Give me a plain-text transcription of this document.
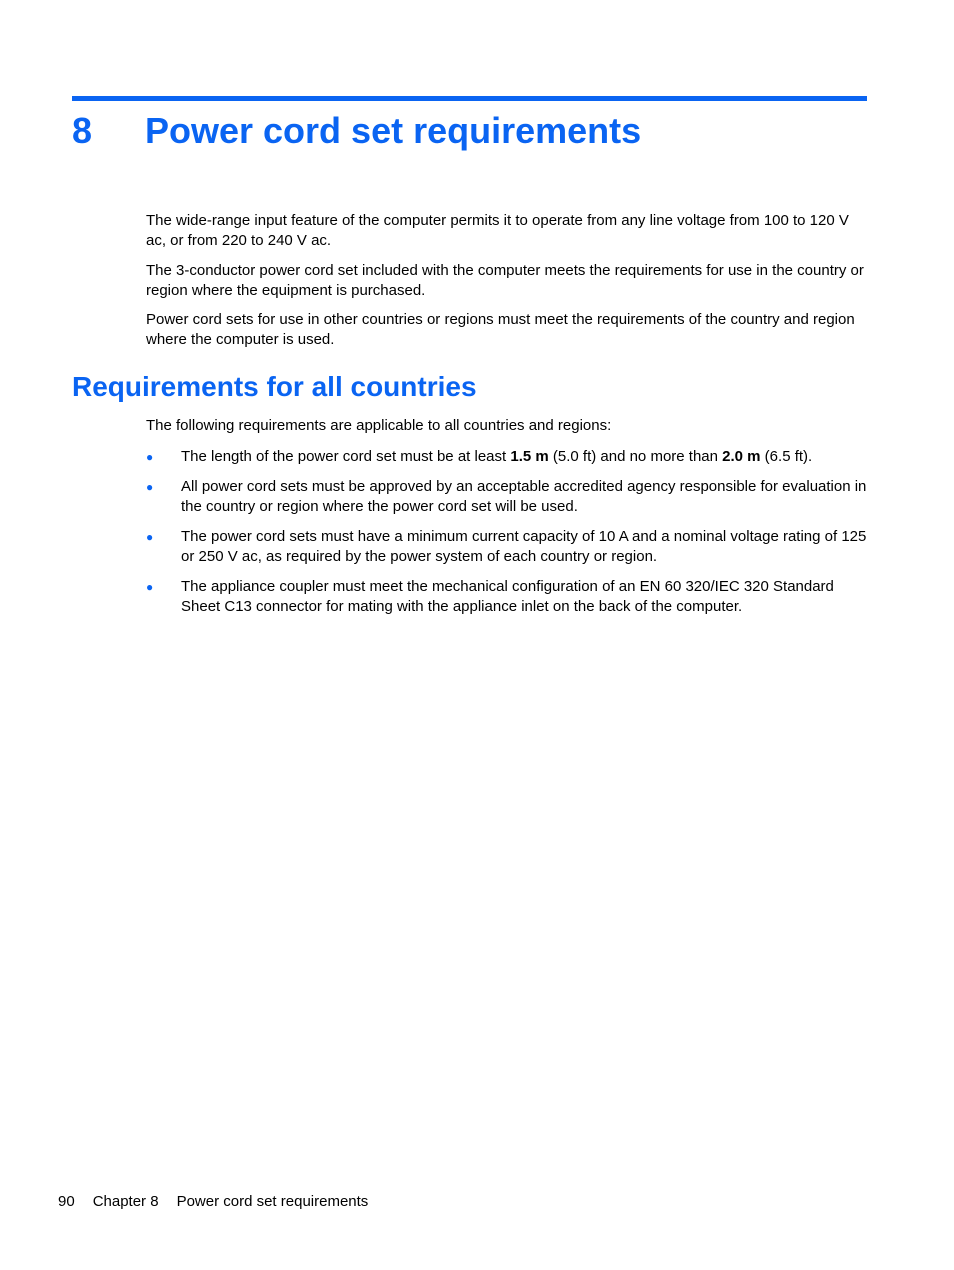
8 Power cord set requirements

The wide-range input feature of the computer permits it to operate from any line voltage from 100 to 120 V ac, or from 220 to 240 V ac.

The 3-conductor power cord set included with the computer meets the requirements for use in the country or region where the equipment is purchased.

Power cord sets for use in other countries or regions must meet the requirements of the country and region where the computer is used.

Requirements for all countries

The following requirements are applicable to all countries and regions:

●	The length of the power cord set must be at least 1.5 m (5.0 ft) and no more than 2.0 m (6.5 ft).
●	All power cord sets must be approved by an acceptable accredited agency responsible for evaluation in the country or region where the power cord set will be used.
●	The power cord sets must have a minimum current capacity of 10 A and a nominal voltage rating of 125 or 250 V ac, as required by the power system of each country or region.
●	The appliance coupler must meet the mechanical configuration of an EN 60 320/IEC 320 Standard Sheet C13 connector for mating with the appliance inlet on the back of the computer.
90 Chapter 8 Power cord set requirements
